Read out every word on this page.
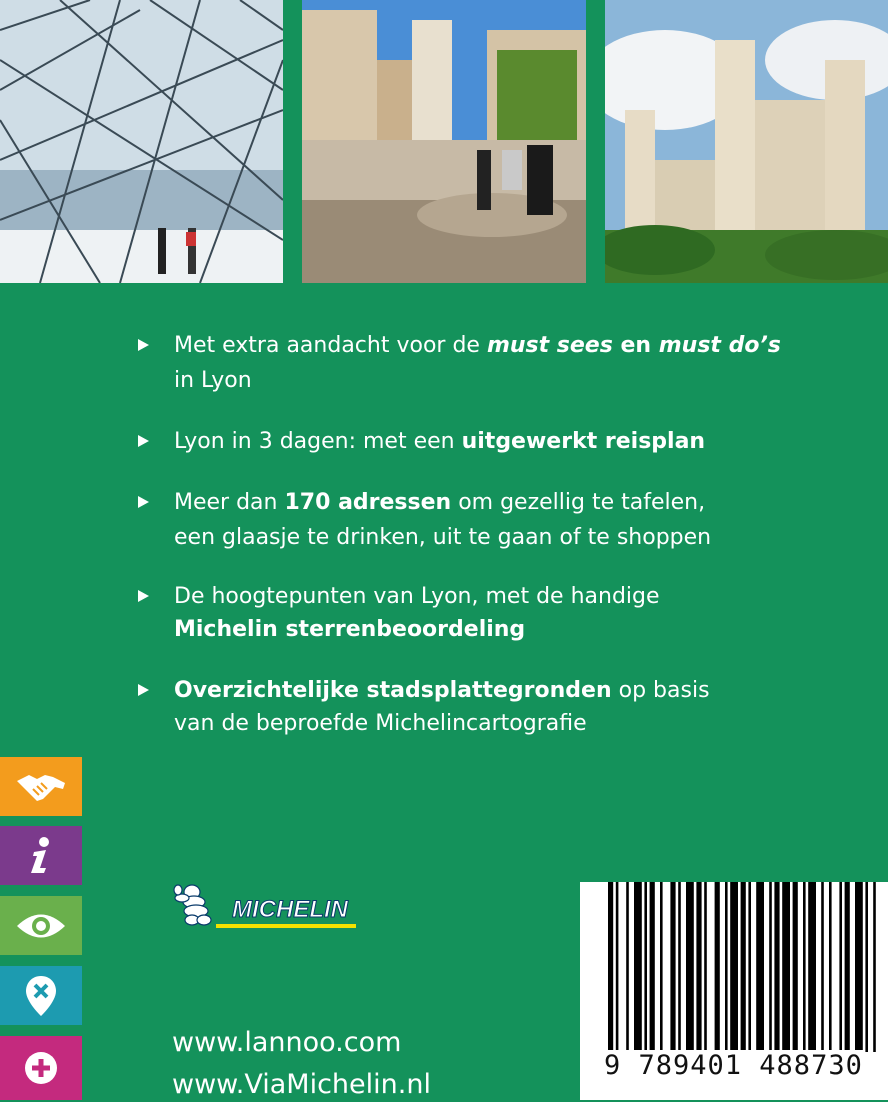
Met extra aandacht voor de must sees en must do’s
in Lyon
Lyon in 3 dagen: met een uitgewerkt reisplan
Meer dan 170 adressen om gezellig te tafelen,
een glaasje te drinken, uit te gaan of te shoppen
De hoogtepunten van Lyon, met de handige
Michelin sterrenbeoordeling
Overzichtelijke stadsplattegronden op basis
van de beproefde Michelincartografie
MICHELIN
www.lannoo.com
www.ViaMichelin.nl
9 789401 488730
